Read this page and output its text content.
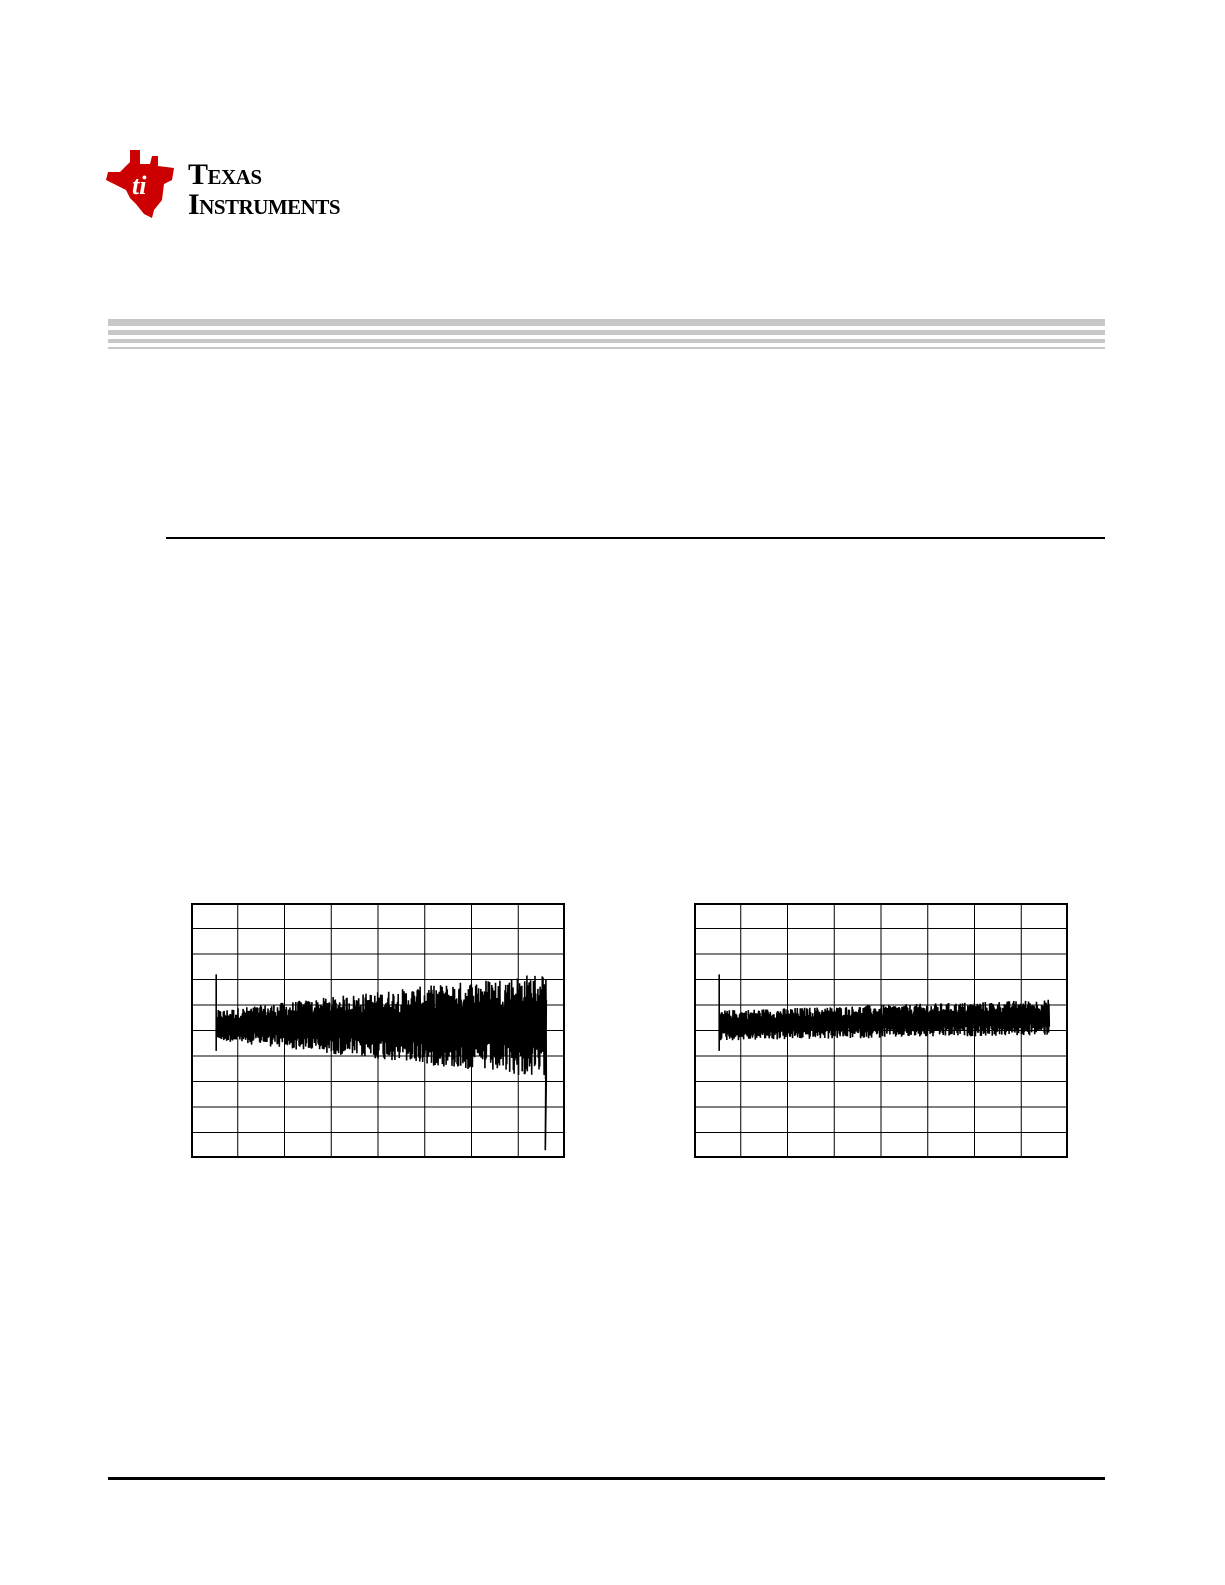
ti Texas
Instruments
